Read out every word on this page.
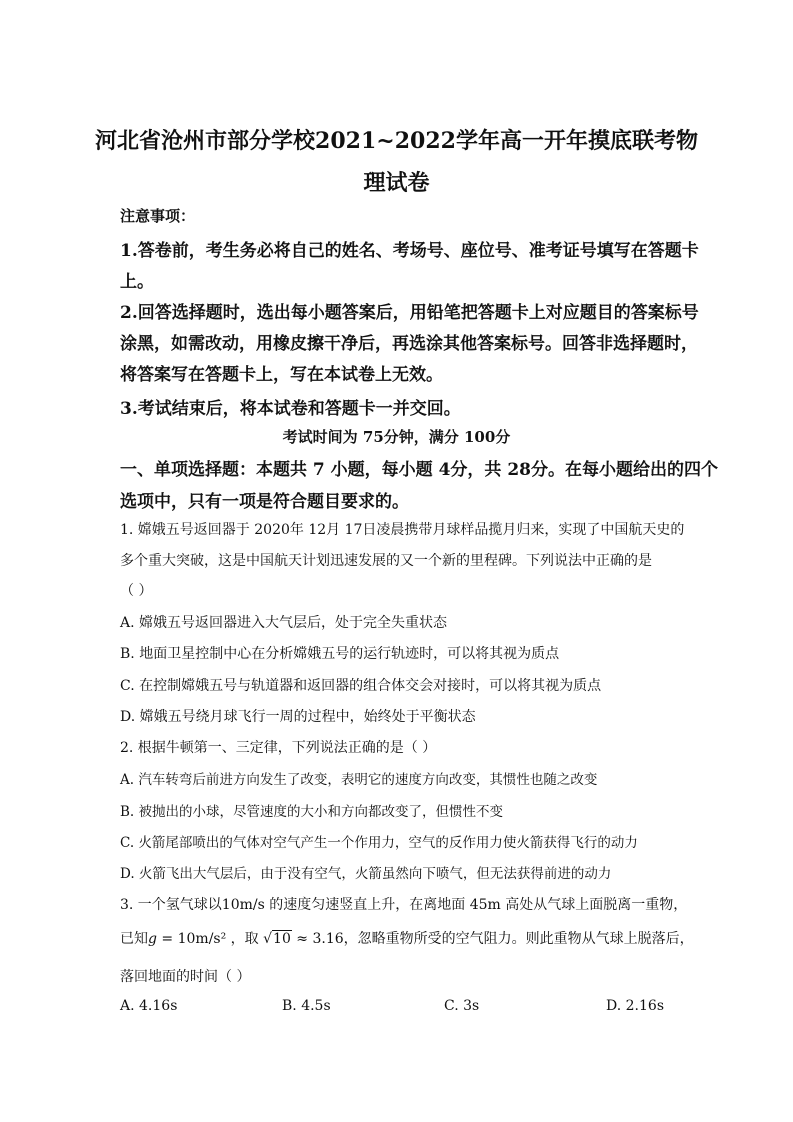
河北省沧州市部分学校2021~2022学年高一开年摸底联考物
理试卷
注意事项：
1.答卷前，考生务必将自己的姓名、考场号、座位号、准考证号填写在答题卡
上。
2.回答选择题时，选出每小题答案后，用铅笔把答题卡上对应题目的答案标号
涂黑，如需改动，用橡皮擦干净后，再选涂其他答案标号。回答非选择题时，
将答案写在答题卡上，写在本试卷上无效。
3.考试结束后，将本试卷和答题卡一并交回。
考试时间为 75分钟，满分 100分
一、单项选择题：本题共 7 小题，每小题 4分，共 28分。在每小题给出的四个
选项中，只有一项是符合题目要求的。
1. 嫦娥五号返回器于 2020年 12月 17日凌晨携带月球样品揽月归来，实现了中国航天史的
多个重大突破，这是中国航天计划迅速发展的又一个新的里程碑。下列说法中正确的是
（ ）
A. 嫦娥五号返回器进入大气层后，处于完全失重状态
B. 地面卫星控制中心在分析嫦娥五号的运行轨迹时，可以将其视为质点
C. 在控制嫦娥五号与轨道器和返回器的组合体交会对接时，可以将其视为质点
D. 嫦娥五号绕月球飞行一周的过程中，始终处于平衡状态
2. 根据牛顿第一、三定律，下列说法正确的是（ ）
A. 汽车转弯后前进方向发生了改变，表明它的速度方向改变，其惯性也随之改变
B. 被抛出的小球，尽管速度的大小和方向都改变了，但惯性不变
C. 火箭尾部喷出的气体对空气产生一个作用力，空气的反作用力使火箭获得飞行的动力
D. 火箭飞出大气层后，由于没有空气，火箭虽然向下喷气，但无法获得前进的动力
3. 一个氢气球以10m/s 的速度匀速竖直上升，在离地面 45m 高处从气球上面脱离一重物，
已知g = 10m/s² ，取 √10 ≈ 3.16，忽略重物所受的空气阻力。则此重物从气球上脱落后，
落回地面的时间（ ）
A. 4.16s	B. 4.5s	C. 3s	D. 2.16s
